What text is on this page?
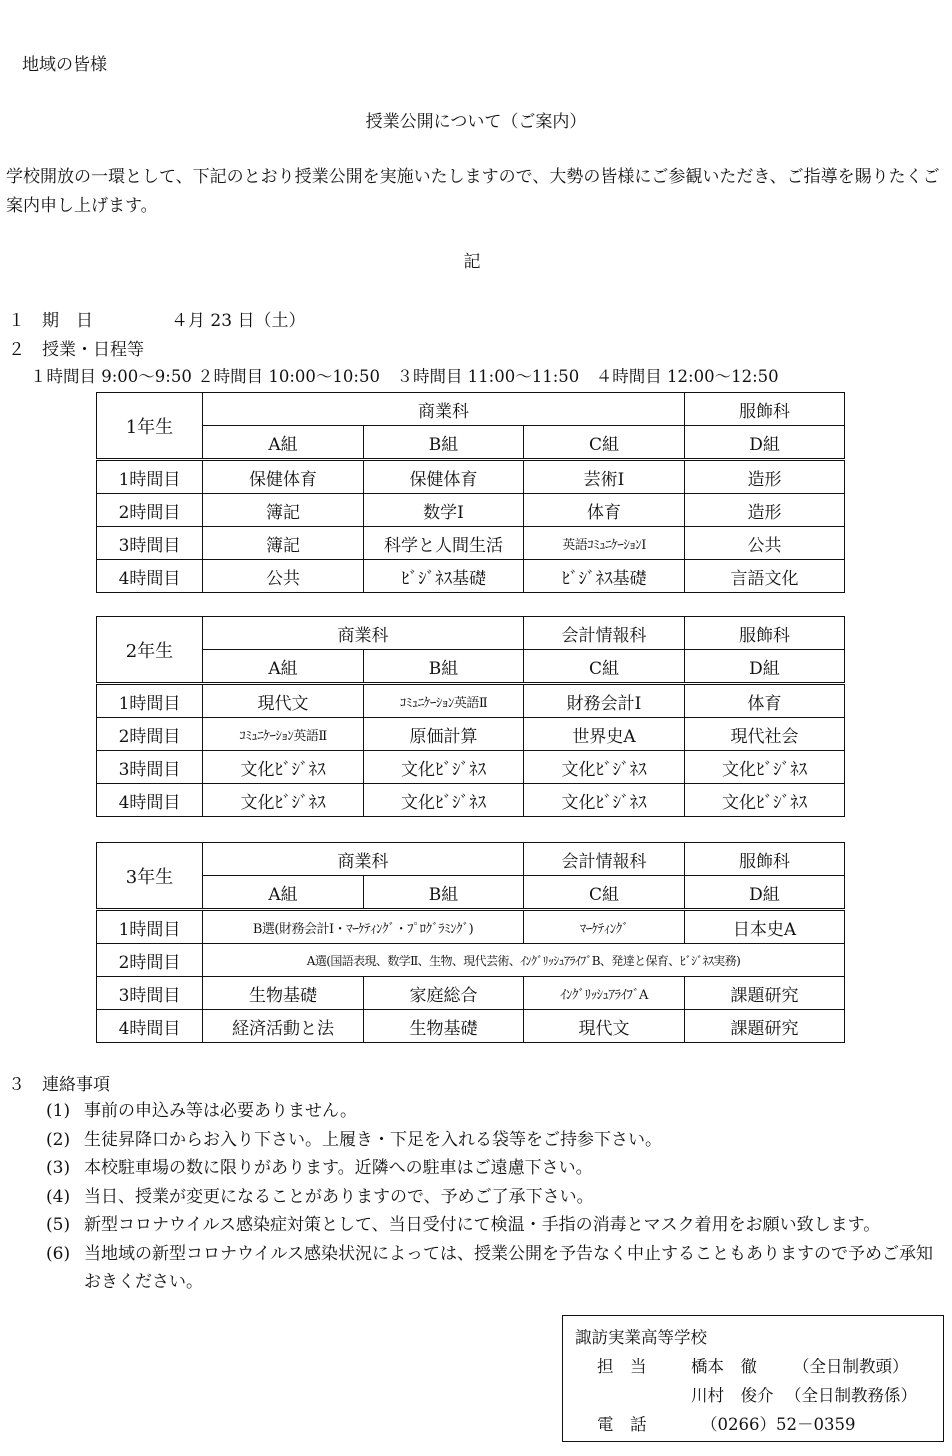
地域の皆様
授業公開について（ご案内）
学校開放の一環として、下記のとおり授業公開を実施いたしますので、大勢の皆様にご参観いただき、ご指導を賜りたくご案内申し上げます。
記
１　期　日	４月 23 日（土）
２　授業・日程等
１時間目 9:00～9:50 ２時間目 10:00～10:50　３時間目 11:00～11:50　４時間目 12:00～12:50
1年生	商業科			服飾科
	A組	B組	C組	D組
1時間目	保健体育	保健体育	芸術Ⅰ	造形
2時間目	簿記	数学Ⅰ	体育	造形
3時間目	簿記	科学と人間生活	英語ｺﾐｭﾆｹｰｼｮﾝⅠ	公共
4時間目	公共	ﾋﾞｼﾞﾈｽ基礎	ﾋﾞｼﾞﾈｽ基礎	言語文化
2年生	商業科		会計情報科	服飾科
	A組	B組	C組	D組
1時間目	現代文	ｺﾐｭﾆｹｰｼｮﾝ英語Ⅱ	財務会計Ⅰ	体育
2時間目	ｺﾐｭﾆｹｰｼｮﾝ英語Ⅱ	原価計算	世界史A	現代社会
3時間目	文化ﾋﾞｼﾞﾈｽ	文化ﾋﾞｼﾞﾈｽ	文化ﾋﾞｼﾞﾈｽ	文化ﾋﾞｼﾞﾈｽ
4時間目	文化ﾋﾞｼﾞﾈｽ	文化ﾋﾞｼﾞﾈｽ	文化ﾋﾞｼﾞﾈｽ	文化ﾋﾞｼﾞﾈｽ
3年生	商業科		会計情報科	服飾科
	A組	B組	C組	D組
1時間目	B選(財務会計Ⅰ・ﾏｰｹﾃｨﾝｸﾞ・ﾌﾟﾛｸﾞﾗﾐﾝｸﾞ)		ﾏｰｹﾃｨﾝｸﾞ	日本史A
2時間目	A選(国語表現、数学Ⅱ、生物、現代芸術、ｲﾝｸﾞﾘｯｼｭｱﾗｲﾌﾞB、発達と保育、ﾋﾞｼﾞﾈｽ実務)			
3時間目	生物基礎	家庭総合	ｲﾝｸﾞﾘｯｼｭｱﾗｲﾌﾞA	課題研究
4時間目	経済活動と法	生物基礎	現代文	課題研究
３　連絡事項
(1) 事前の申込み等は必要ありません。
(2) 生徒昇降口からお入り下さい。上履き・下足を入れる袋等をご持参下さい。
(3) 本校駐車場の数に限りがあります。近隣への駐車はご遠慮下さい。
(4) 当日、授業が変更になることがありますので、予めご了承下さい。
(5) 新型コロナウイルス感染症対策として、当日受付にて検温・手指の消毒とマスク着用をお願い致します。
(6) 当地域の新型コロナウイルス感染状況によっては、授業公開を予告なく中止することもありますので予めご承知おきください。
諏訪実業高等学校
担　当	橋本　徹 （全日制教頭）
川村　俊介 （全日制教務係）
電　話	（0266）52－0359
